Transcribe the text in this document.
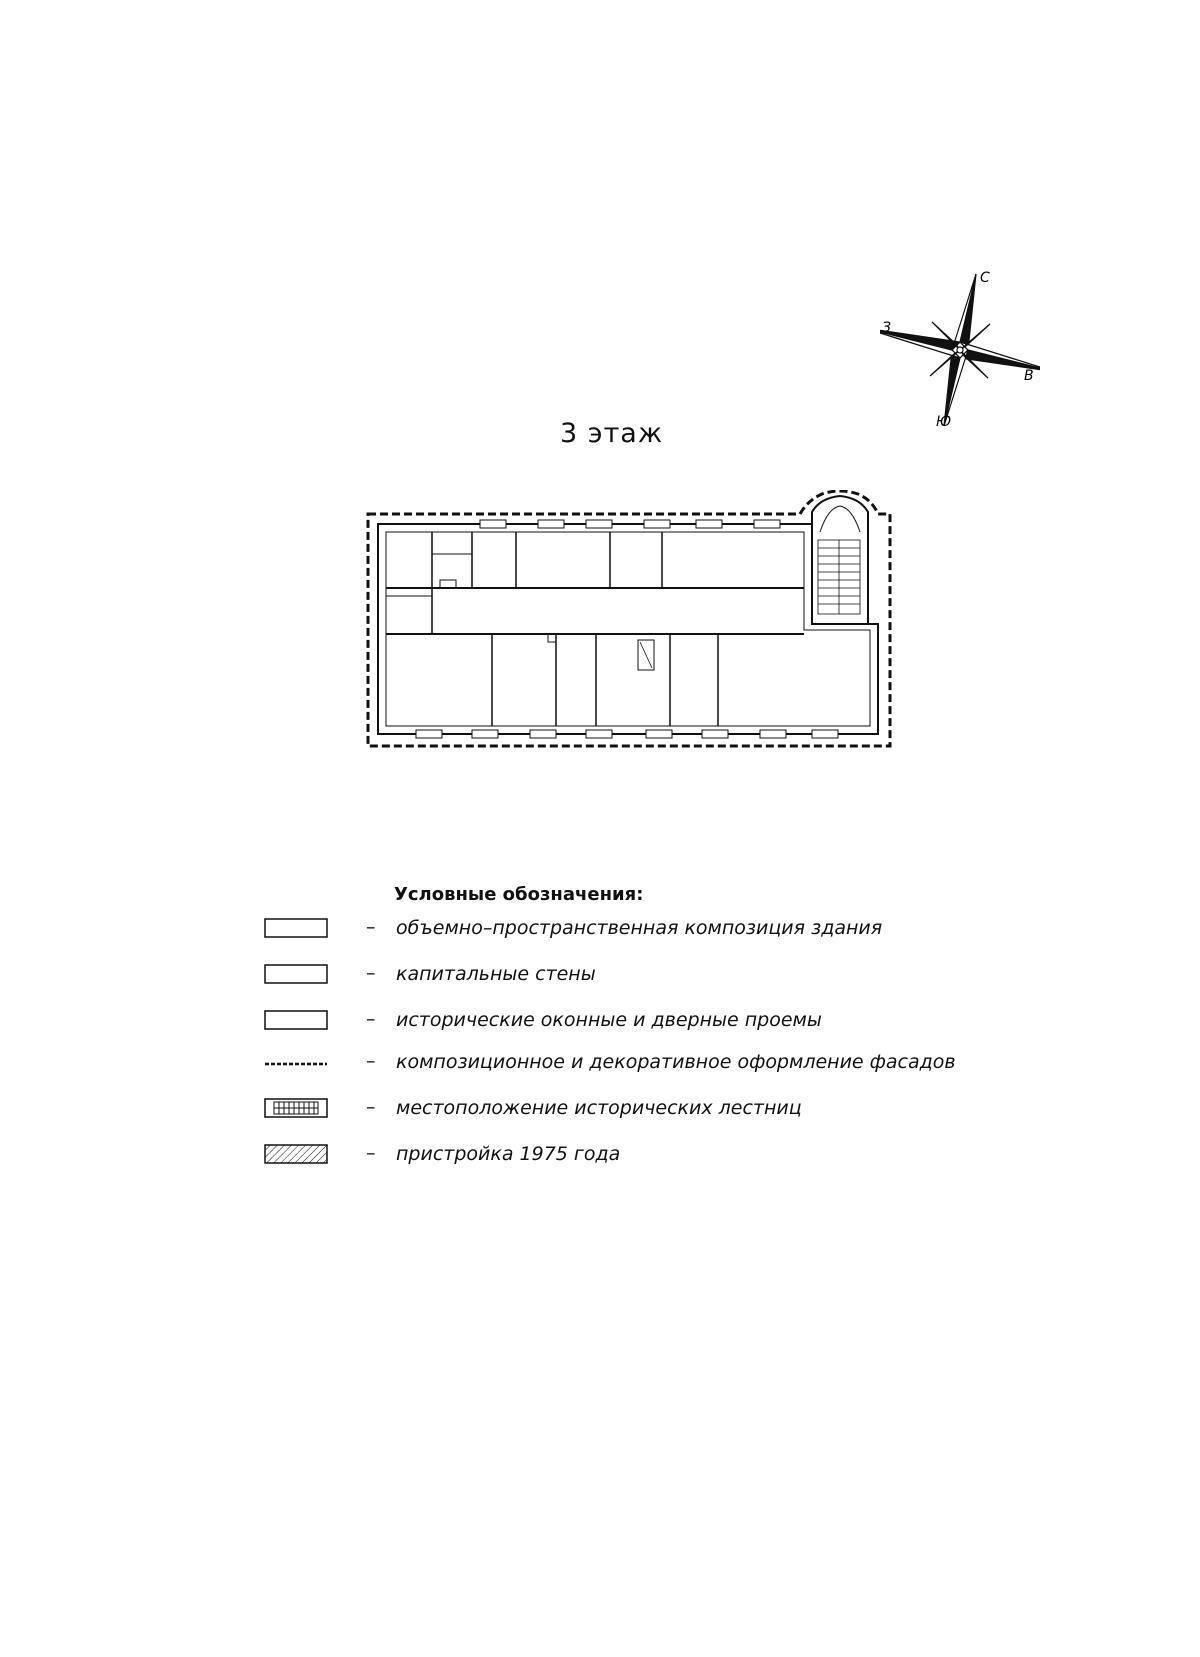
3 этаж
С
З
В
Ю
Условные обозначения:
– объемно–пространственная композиция здания
– капитальные стены
– исторические оконные и дверные проемы
– композиционное и декоративное оформление фасадов
– местоположение исторических лестниц
– пристройка 1975 года
